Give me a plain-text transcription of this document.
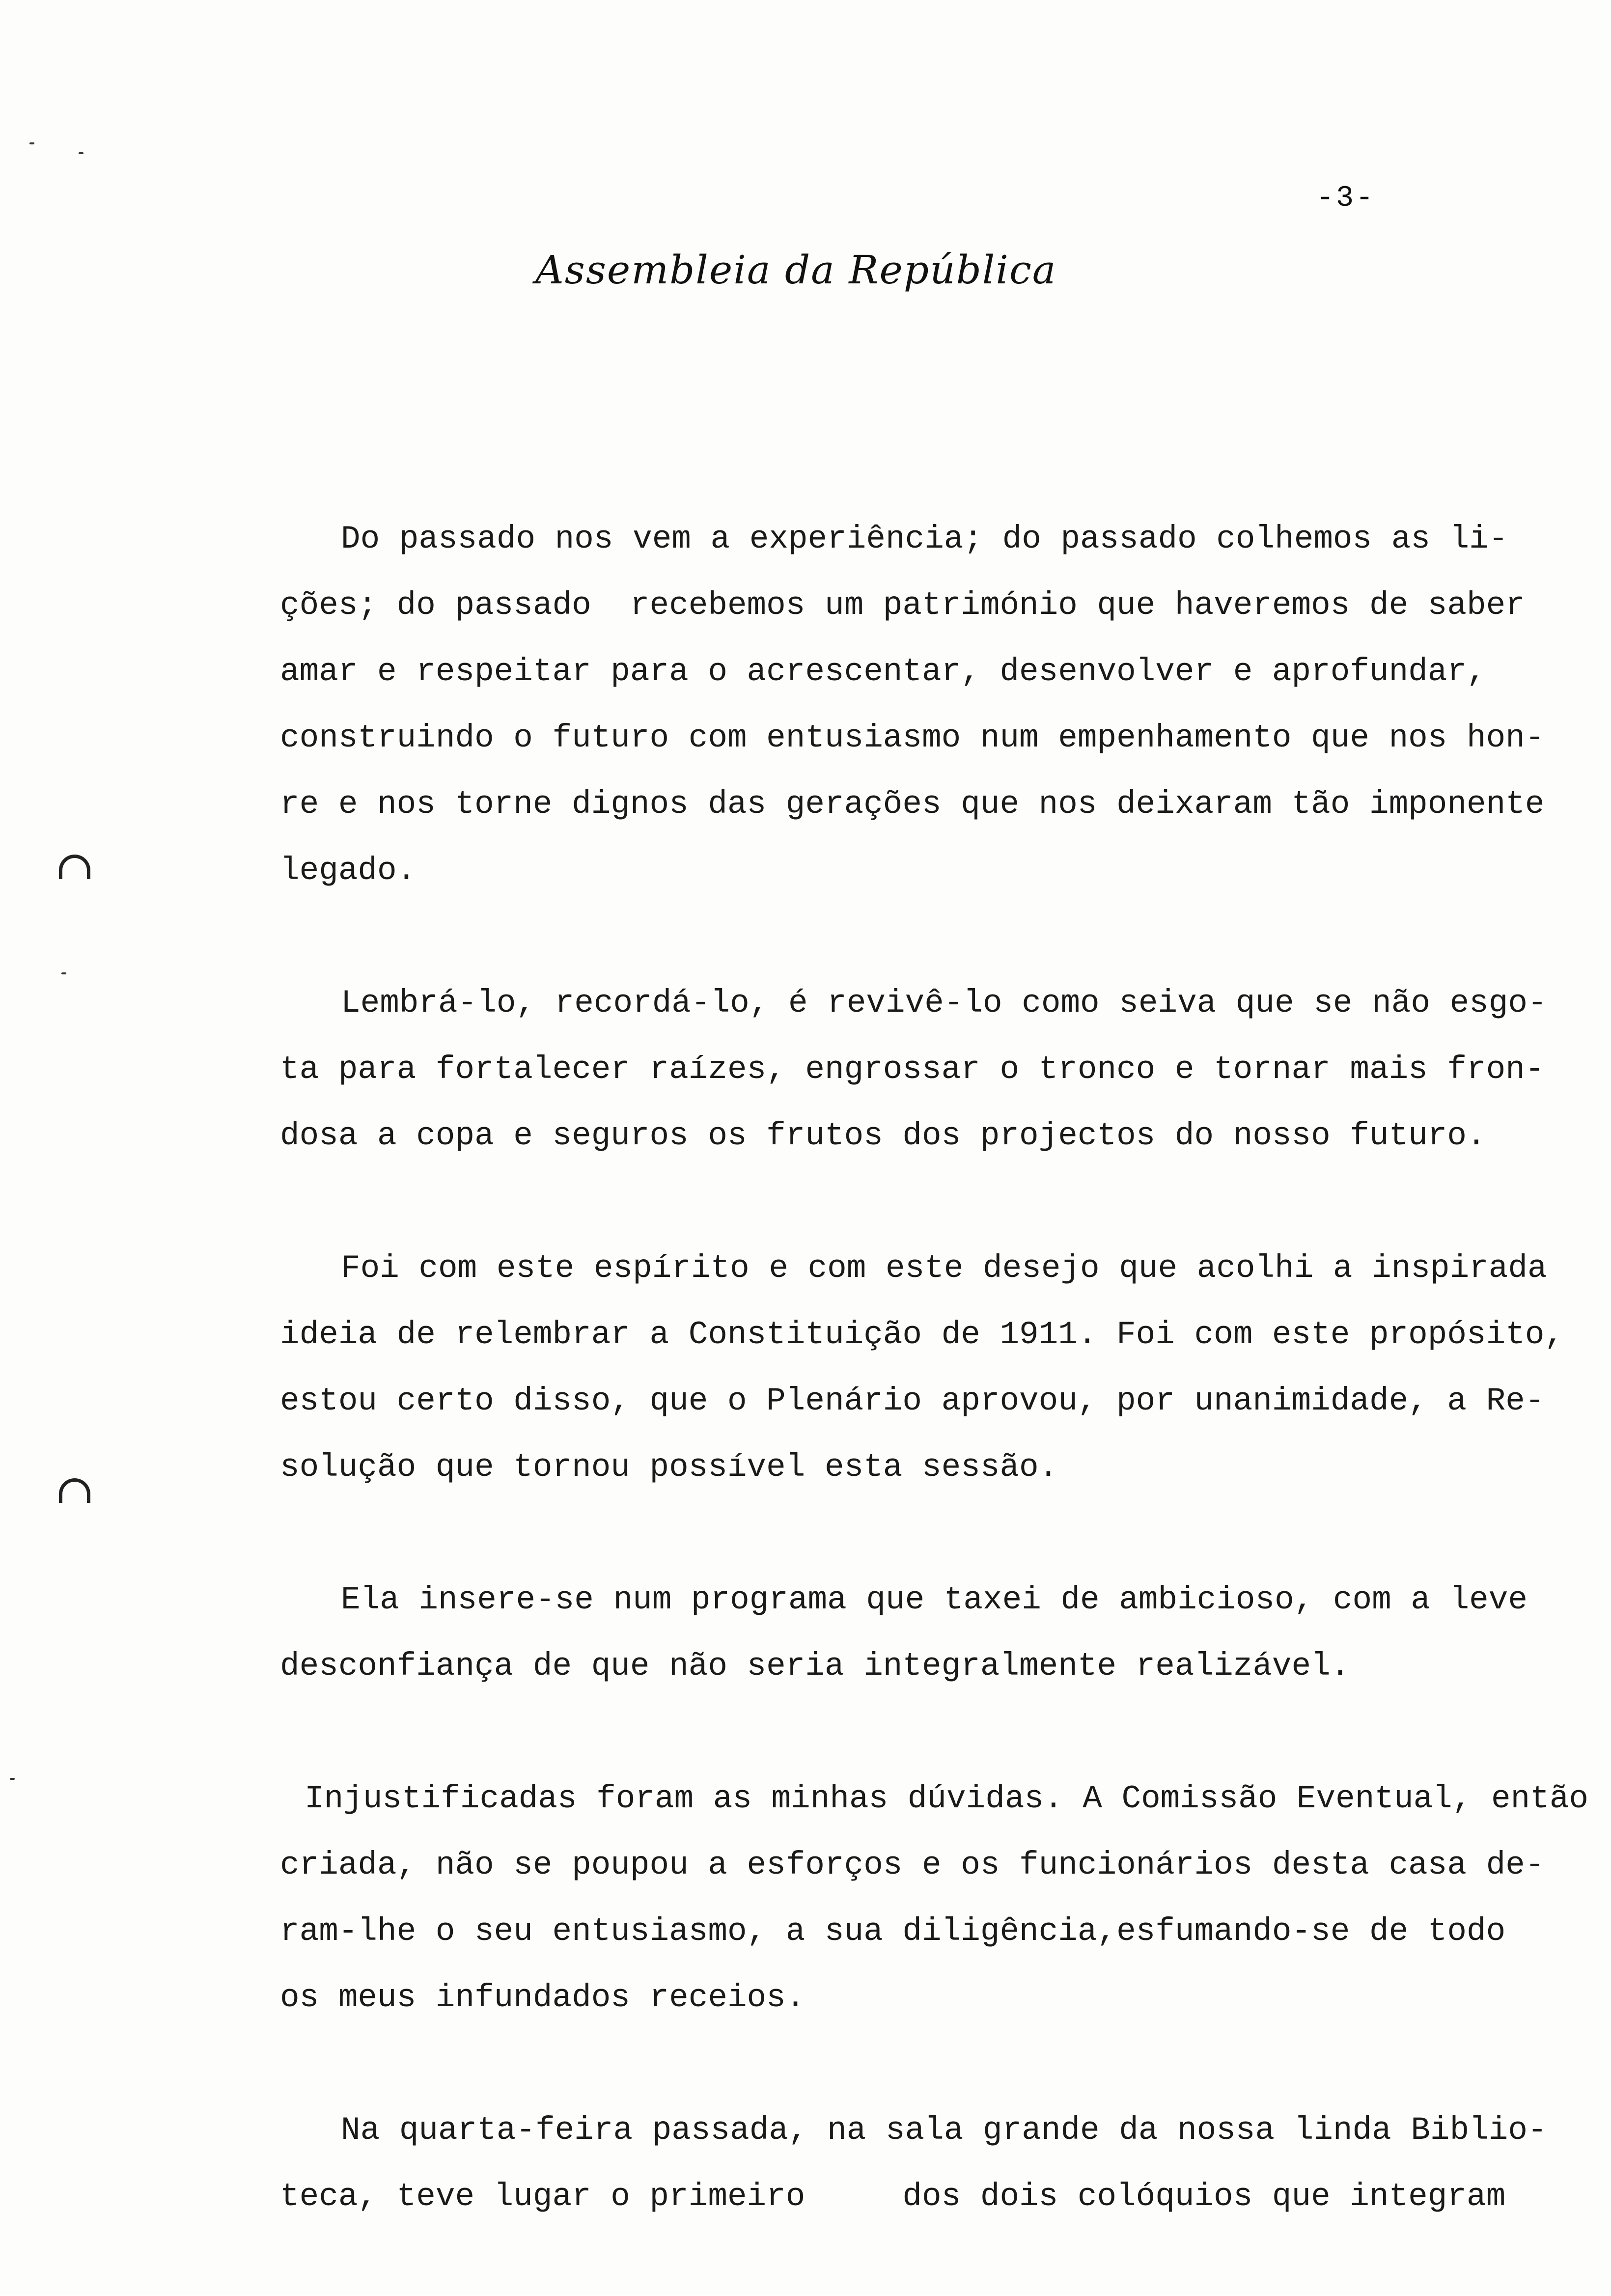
-3-
Assembleia da República
Do passado nos vem a experiência; do passado colhemos as li-
ções; do passado  recebemos um património que haveremos de saber
amar e respeitar para o acrescentar, desenvolver e aprofundar,
construindo o futuro com entusiasmo num empenhamento que nos hon-
re e nos torne dignos das gerações que nos deixaram tão imponente
legado.
Lembrá-lo, recordá-lo, é revivê-lo como seiva que se não esgo-
ta para fortalecer raízes, engrossar o tronco e tornar mais fron-
dosa a copa e seguros os frutos dos projectos do nosso futuro.
Foi com este espírito e com este desejo que acolhi a inspirada
ideia de relembrar a Constituição de 1911. Foi com este propósito,
estou certo disso, que o Plenário aprovou, por unanimidade, a Re-
solução que tornou possível esta sessão.
Ela insere-se num programa que taxei de ambicioso, com a leve
desconfiança de que não seria integralmente realizável.
Injustificadas foram as minhas dúvidas. A Comissão Eventual, então
criada, não se poupou a esforços e os funcionários desta casa de-
ram-lhe o seu entusiasmo, a sua diligência,esfumando-se de todo
os meus infundados receios.
Na quarta-feira passada, na sala grande da nossa linda Biblio-
teca, teve lugar o primeiro     dos dois colóquios que integram
